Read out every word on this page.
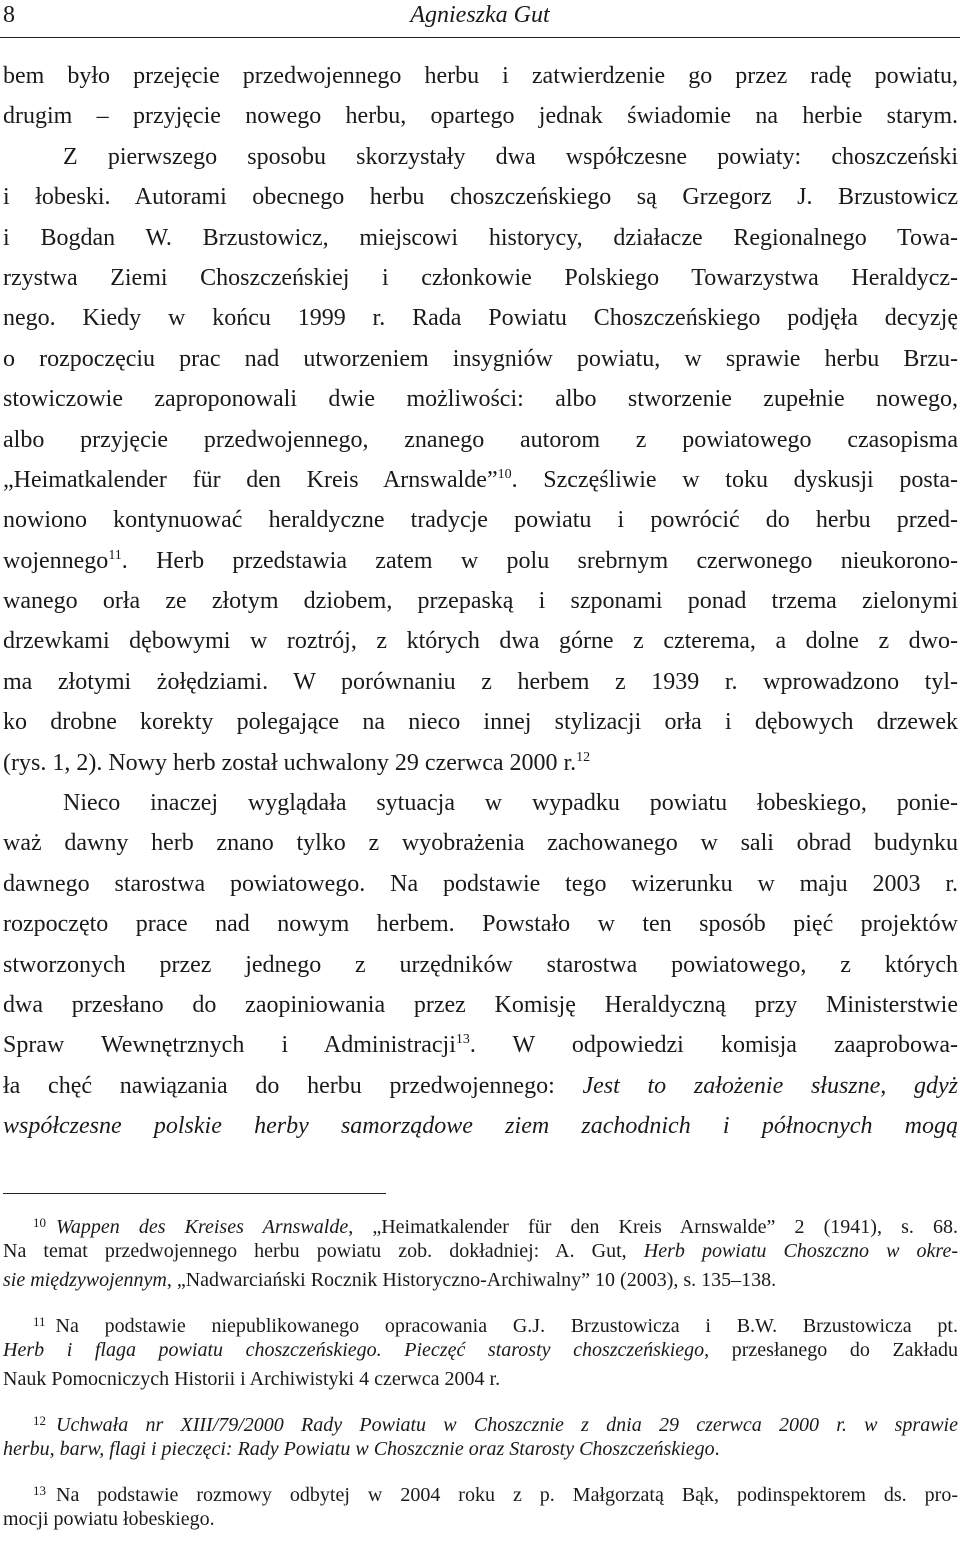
8	Agnieszka Gut
bem było przejęcie przedwojennego herbu i zatwierdzenie go przez radę powiatu,
drugim – przyjęcie nowego herbu, opartego jednak świadomie na herbie starym.
Z pierwszego sposobu skorzystały dwa współczesne powiaty: choszczeński
i łobeski. Autorami obecnego herbu choszczeńskiego są Grzegorz J. Brzustowicz
i Bogdan W. Brzustowicz, miejscowi historycy, działacze Regionalnego Towa-
rzystwa Ziemi Choszczeńskiej i członkowie Polskiego Towarzystwa Heraldycz-
nego. Kiedy w końcu 1999 r. Rada Powiatu Choszczeńskiego podjęła decyzję
o rozpoczęciu prac nad utworzeniem insygniów powiatu, w sprawie herbu Brzu-
stowiczowie zaproponowali dwie możliwości: albo stworzenie zupełnie nowego,
albo przyjęcie przedwojennego, znanego autorom z powiatowego czasopisma
„Heimatkalender für den Kreis Arnswalde”$^{10}$. Szczęśliwie w toku dyskusji posta-
nowiono kontynuować heraldyczne tradycje powiatu i powrócić do herbu przed-
wojennego$^{11}$. Herb przedstawia zatem w polu srebrnym czerwonego nieukorono-
wanego orła ze złotym dziobem, przepaską i szponami ponad trzema zielonymi
drzewkami dębowymi w roztrój, z których dwa górne z czterema, a dolne z dwo-
ma złotymi żołędziami. W porównaniu z herbem z 1939 r. wprowadzono tyl-
ko drobne korekty polegające na nieco innej stylizacji orła i dębowych drzewek
(rys. 1, 2). Nowy herb został uchwalony 29 czerwca 2000 r.$^{12}$
Nieco inaczej wyglądała sytuacja w wypadku powiatu łobeskiego, ponie-
waż dawny herb znano tylko z wyobrażenia zachowanego w sali obrad budynku
dawnego starostwa powiatowego. Na podstawie tego wizerunku w maju 2003 r.
rozpoczęto prace nad nowym herbem. Powstało w ten sposób pięć projektów
stworzonych przez jednego z urzędników starostwa powiatowego, z których
dwa przesłano do zaopiniowania przez Komisję Heraldyczną przy Ministerstwie
Spraw Wewnętrznych i Administracji$^{13}$. W odpowiedzi komisja zaaprobowa-
ła chęć nawiązania do herbu przedwojennego: Jest to założenie słuszne, gdyż
współczesne polskie herby samorządowe ziem zachodnich i północnych mogą
$^{10}$ Wappen des Kreises Arnswalde, „Heimatkalender für den Kreis Arnswalde” 2 (1941), s. 68.
Na temat przedwojennego herbu powiatu zob. dokładniej: A. Gut, Herb powiatu Choszczno w okre-
sie międzywojennym, „Nadwarciański Rocznik Historyczno-Archiwalny” 10 (2003), s. 135–138.
$^{11}$ Na podstawie niepublikowanego opracowania G.J. Brzustowicza i B.W. Brzustowicza pt.
Herb i flaga powiatu choszczeńskiego. Pieczęć starosty choszczeńskiego, przesłanego do Zakładu
Nauk Pomocniczych Historii i Archiwistyki 4 czerwca 2004 r.
$^{12}$ Uchwała nr XIII/79/2000 Rady Powiatu w Choszcznie z dnia 29 czerwca 2000 r. w sprawie
herbu, barw, flagi i pieczęci: Rady Powiatu w Choszcznie oraz Starosty Choszczeńskiego.
$^{13}$ Na podstawie rozmowy odbytej w 2004 roku z p. Małgorzatą Bąk, podinspektorem ds. pro-
mocji powiatu łobeskiego.
